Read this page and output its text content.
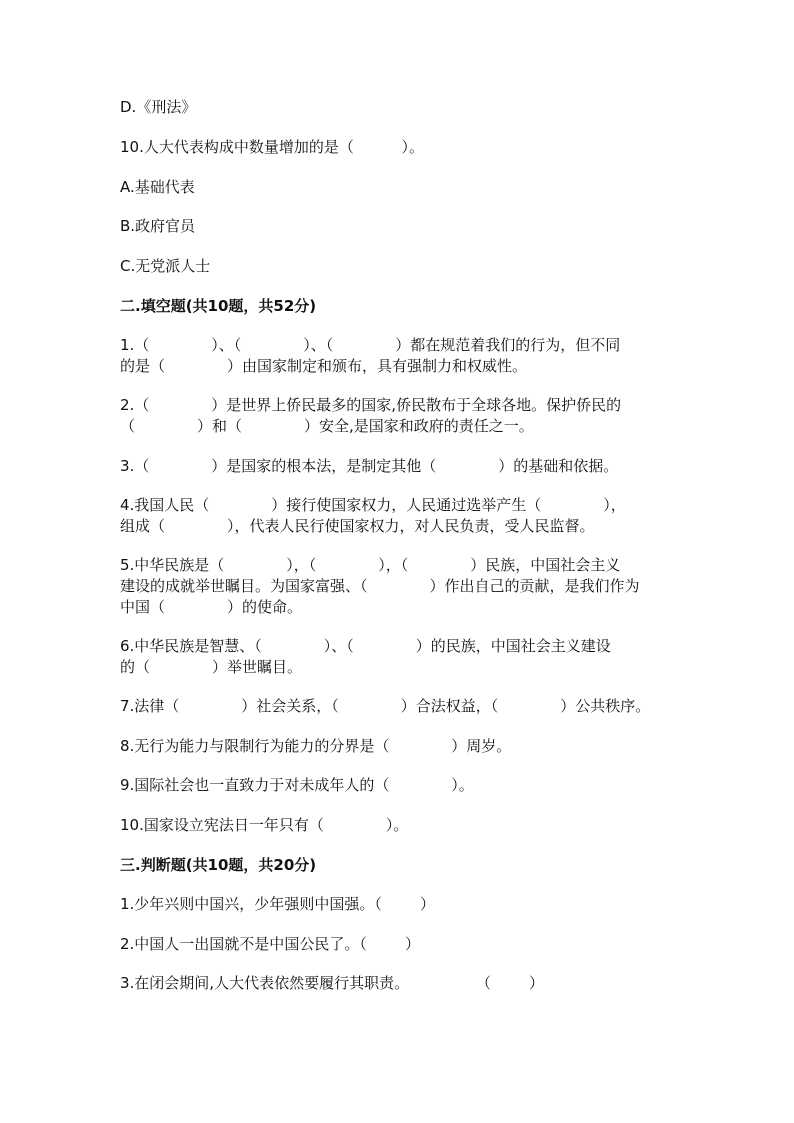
D.《刑法》
10.人大代表构成中数量增加的是（          ）。
A.基础代表
B.政府官员
C.无党派人士
二.填空题(共10题，共52分)
1.（             ）、（             ）、（             ）都在规范着我们的行为，但不同
的是（             ）由国家制定和颁布，具有强制力和权威性。
2.（             ）是世界上侨民最多的国家,侨民散布于全球各地。保护侨民的
（             ）和（             ）安全,是国家和政府的责任之一。
3.（             ）是国家的根本法，是制定其他（             ）的基础和依据。
4.我国人民（             ）接行使国家权力，人民通过选举产生（             ），
组成（             ），代表人民行使国家权力，对人民负责，受人民监督。
5.中华民族是（             ），（             ），（             ）民族，中国社会主义
建设的成就举世瞩目。为国家富强、（             ）作出自己的贡献，是我们作为
中国（             ）的使命。
6.中华民族是智慧、（             ）、（             ）的民族，中国社会主义建设
的（             ）举世瞩目。
7.法律（             ）社会关系，（             ）合法权益，（             ）公共秩序。
8.无行为能力与限制行为能力的分界是（             ）周岁。
9.国际社会也一直致力于对未成年人的（             ）。
10.国家设立宪法日一年只有（             ）。
三.判断题(共10题，共20分)
1.少年兴则中国兴，少年强则中国强。（        ）
2.中国人一出国就不是中国公民了。（        ）
3.在闭会期间,人大代表依然要履行其职责。              （        ）
